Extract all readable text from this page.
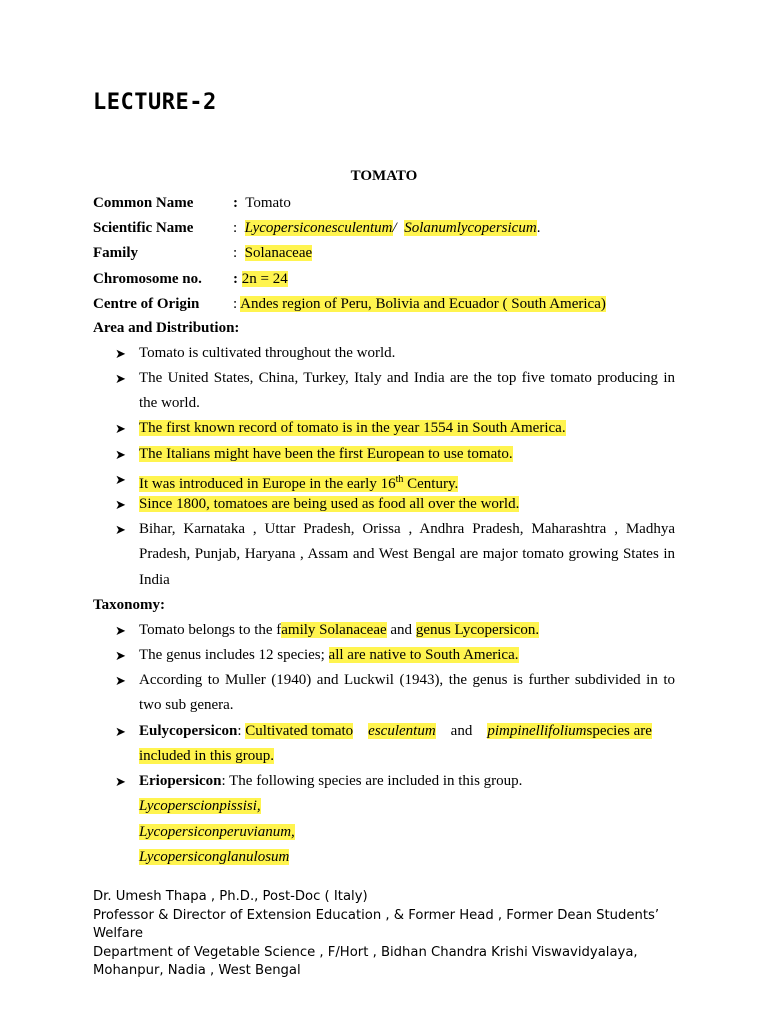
LECTURE-2
TOMATO
Common Name	: Tomato
Scientific Name	: Lycopersiconesculentum/ Solanumlycopersicum.
Family	: Solanaceae
Chromosome no. : 2n = 24
Centre of Origin : Andes region of Peru, Bolivia and Ecuador ( South America)
Area and Distribution:
➤ Tomato is cultivated throughout the world.
➤ The United States, China, Turkey, Italy and India are the top five tomato producing in the world.
➤ The first known record of tomato is in the year 1554 in South America.
➤ The Italians might have been the first European to use tomato.
➤ It was introduced in Europe in the early 16th Century.
➤ Since 1800, tomatoes are being used as food all over the world.
➤ Bihar, Karnataka , Uttar Pradesh, Orissa , Andhra Pradesh, Maharashtra , Madhya Pradesh, Punjab, Haryana , Assam and West Bengal are major tomato growing States in India
Taxonomy:
➤ Tomato belongs to the family Solanaceae and genus Lycopersicon.
➤ The genus includes 12 species; all are native to South America.
➤ According to Muller (1940) and Luckwil (1943), the genus is further subdivided in to two sub genera.
➤ Eulycopersicon: Cultivated tomato esculentum and pimpinellifoliumspecies are included in this group.
➤ Eriopersicon: The following species are included in this group.
Lycoperscionpissisi,
Lycopersiconperuvianum,
Lycopersiconglanulosum
Dr. Umesh Thapa , Ph.D., Post-Doc ( Italy)
Professor & Director of Extension Education , & Former Head , Former Dean Students’
Welfare
Department of Vegetable Science , F/Hort , Bidhan Chandra Krishi Viswavidyalaya,
Mohanpur, Nadia , West Bengal
